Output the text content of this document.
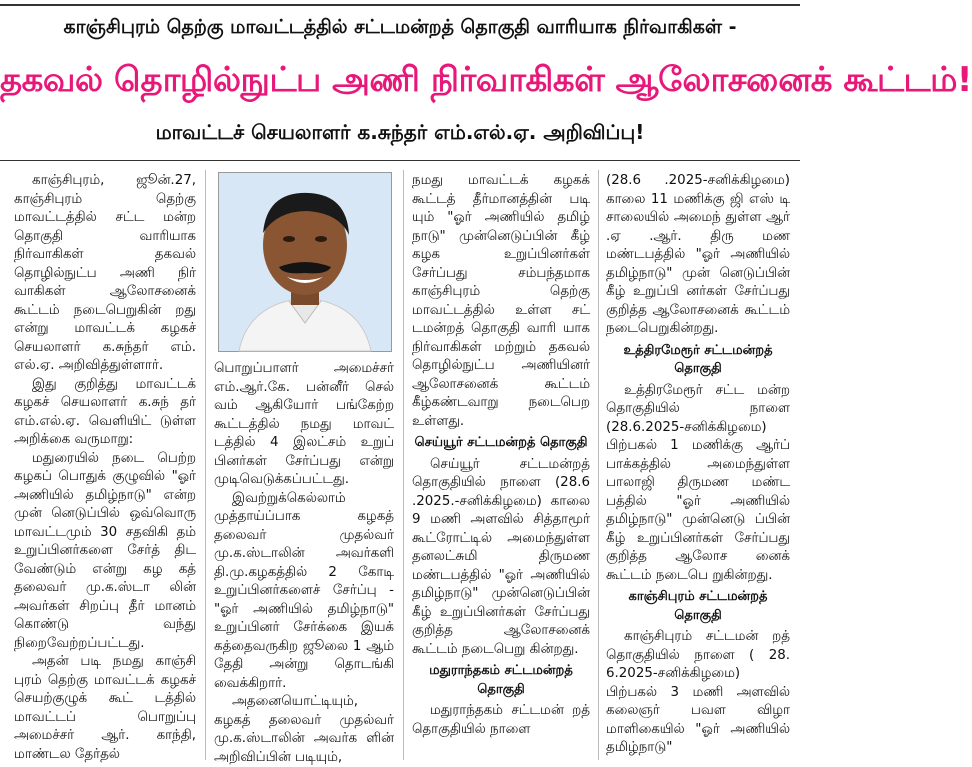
காஞ்சிபுரம் தெற்கு மாவட்டத்தில் சட்டமன்றத் தொகுதி வாரியாக நிர்வாகிகள் -
தகவல் தொழில்நுட்ப அணி நிர்வாகிகள் ஆலோசனைக் கூட்டம்!
மாவட்டச் செயலாளர் க.சுந்தர் எம்.எல்.ஏ. அறிவிப்பு!

காஞ்சிபுரம், ஜூன்.27, காஞ்சிபுரம் தெற்கு மாவட்டத்தில் சட்ட மன்ற தொகுதி வாரியாக நிர்வாகிகள் தகவல் தொழில்நுட்ப அணி நிர் வாகிகள் ஆலோசனைக் கூட்டம் நடைபெறுகின் றது என்று மாவட்டக் கழகச் செயலாளர் க.சுந்தர் எம். எல்.ஏ. அறிவித்துள்ளார்.

இது குறித்து மாவட்டக் கழகச் செயலாளர் க.சுந் தர் எம்.எல்.ஏ. வெளியிட் டுள்ள அறிக்கை வருமாறு:

மதுரையில் நடை பெற்ற கழகப் பொதுக் குழுவில் "ஓர் அணியில் தமிழ்நாடு" என்ற முன் னெடுப்பில் ஒவ்வொரு மாவட்டமும் 30 சதவிகி தம் உறுப்பினர்களை சேர்த் திட வேண்டும் என்று கழ கத் தலைவர் மு.க.ஸ்டா லின் அவர்கள் சிறப்பு தீர் மானம் கொண்டு வந்து நிறைவேற்றப்பட்டது.

அதன் படி நமது காஞ்சி புரம் தெற்கு மாவட்டக் கழகச் செயற்குழுக் கூட் டத்தில் மாவட்டப் பொறுப்பு அமைச்சர் ஆர். காந்தி, மாண்டல தேர்தல்

பொறுப்பாளர் அமைச்சர் எம்.ஆர்.கே. பன்னீர் செல் வம் ஆகியோர் பங்கேற்ற கூட்டத்தில் நமது மாவட் டத்தில் 4 இலட்சம் உறுப் பினர்கள் சேர்ப்பது என்று முடிவெடுக்கப்பட்டது.

இவற்றுக்கெல்லாம் முத்தாய்ப்பாக கழகத் தலைவர் முதல்வர் மு.க.ஸ்டாலின் அவர்களி தி.மு.கழகத்தில் 2 கோடி உறுப்பினர்களைச் சேர்ப்பு - "ஓர் அணியில் தமிழ்நாடு" உறுப்பினர் சேர்க்கை இயக் கத்தைவருகிற ஜூலை 1 ஆம் தேதி அன்று தொடங்கி வைக்கிறார்.

அதனையொட்டியும், கழகத் தலைவர் முதல்வர் மு.க.ஸ்டாலின் அவர்க ளின் அறிவிப்பின் படியும்,

நமது மாவட்டக் கழகக் கூட்டத் தீர்மானத்தின் படி யும் "ஓர் அணியில் தமிழ் நாடு" முன்னெடுப்பின் கீழ் கழக உறுப்பினர்கள் சேர்ப்பது சம்பந்தமாக காஞ்சிபுரம் தெற்கு மாவட்டத்தில் உள்ள சட் டமன்றத் தொகுதி வாரி யாக நிர்வாகிகள் மற்றும் தகவல் தொழில்நுட்ப அணியினர் ஆலோசனைக் கூட்டம் கீழ்கண்டவாறு நடைபெற உள்ளது.

செய்யூர் சட்டமன்றத் தொகுதி

செய்யூர் சட்டமன்றத் தொகுதியில் நாளை (28.6 .2025.-சனிக்கிழமை) காலை 9 மணி அளவில் சித்தாமூர் கூட்ரோட்டில் அமைந்துள்ள தனலட்சுமி திருமண மண்டபத்தில் "ஓர் அணியில் தமிழ்நாடு" முன்னெடுப்பின் கீழ் உறுப்பினர்கள் சேர்ப்பது குறித்த ஆலோசனைக் கூட்டம் நடைபெறு கின்றது.

மதுராந்தகம் சட்டமன்றத் தொகுதி

மதுராந்தகம் சட்டமன் றத் தொகுதியில் நாளை

(28.6 .2025-சனிக்கிழமை) காலை 11 மணிக்கு ஜி எஸ் டி சாலையில் அமைந் துள்ள ஆர் .ஏ .ஆர். திரு மண மண்டபத்தில் "ஓர் அணியில் தமிழ்நாடு" முன் னெடுப்பின் கீழ் உறுப்பி னர்கள் சேர்ப்பது குறித்த ஆலோசனைக் கூட்டம் நடைபெறுகின்றது.

உத்திரமேரூர் சட்டமன்றத் தொகுதி

உத்திரமேரூர் சட்ட மன்ற தொகுதியில் நாளை (28.6.2025-சனிக்கிழமை) பிற்பகல் 1 மணிக்கு ஆர்ப் பாக்கத்தில் அமைந்துள்ள பாலாஜி திருமண மண்ட பத்தில் "ஓர் அணியில் தமிழ்நாடு" முன்னெடு ப்பின் கீழ் உறுப்பினர்கள் சேர்ப்பது குறித்த ஆலோச னைக் கூட்டம் நடைபெ றுகின்றது.

காஞ்சிபுரம் சட்டமன்றத் தொகுதி

காஞ்சிபுரம் சட்டமன் றத் தொகுதியில் நாளை ( 28. 6.2025-சனிக்கிழமை) பிற்பகல் 3 மணி அளவில் கலைஞர் பவள விழா மாளிகையில் "ஓர் அணியில் தமிழ்நாடு"
